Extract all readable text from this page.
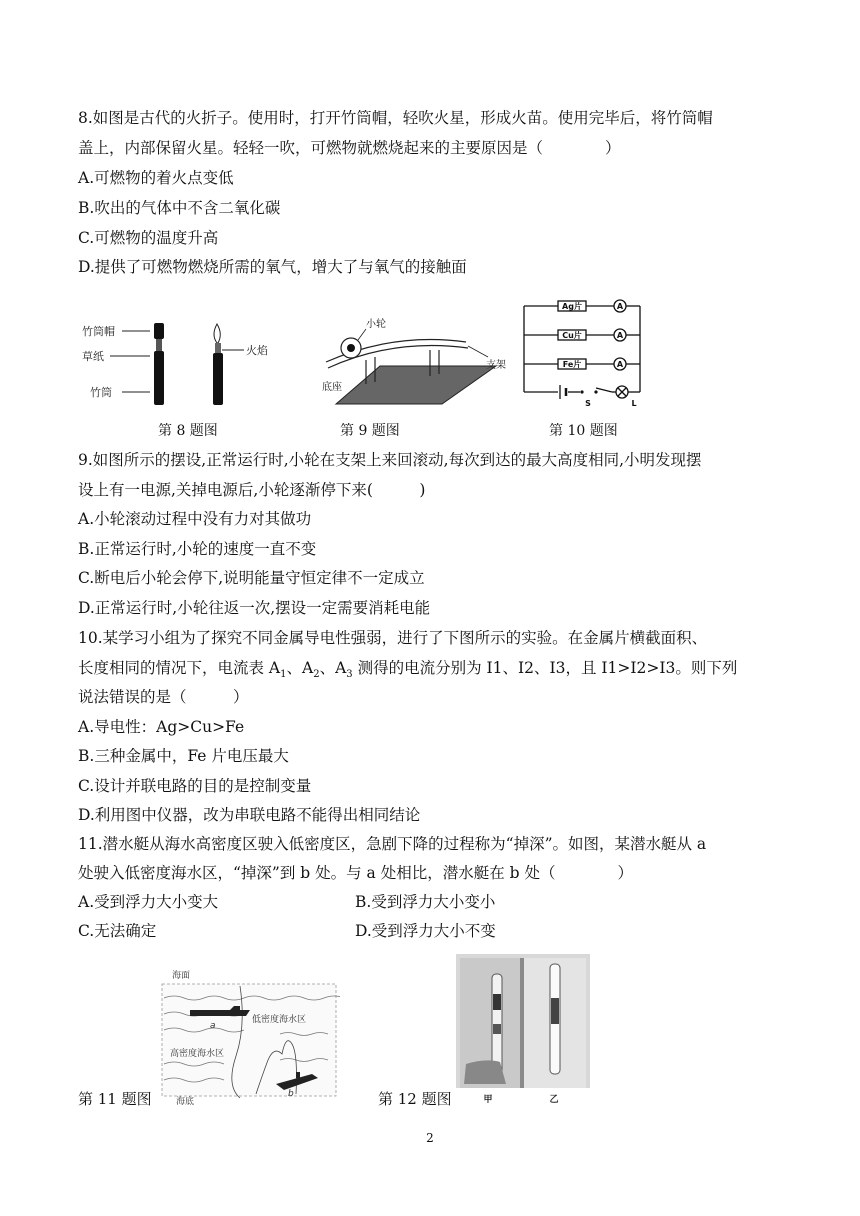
8.如图是古代的火折子。使用时，打开竹筒帽，轻吹火星，形成火苗。使用完毕后，将竹筒帽
盖上，内部保留火星。轻轻一吹，可燃物就燃烧起来的主要原因是（　　　　）
A.可燃物的着火点变低
B.吹出的气体中不含二氧化碳
C.可燃物的温度升高
D.提供了可燃物燃烧所需的氧气，增大了与氧气的接触面
竹筒帽
草纸
竹筒
火焰
第 8 题图
小轮
支架
底座
第 9 题图
Ag片
Cu片
Fe片
A
A
A
S	L
第 10 题图
9.如图所示的摆设,正常运行时,小轮在支架上来回滚动,每次到达的最大高度相同,小明发现摆
设上有一电源,关掉电源后,小轮逐渐停下来(　　　)
A.小轮滚动过程中没有力对其做功
B.正常运行时,小轮的速度一直不变
C.断电后小轮会停下,说明能量守恒定律不一定成立
D.正常运行时,小轮往返一次,摆设一定需要消耗电能
10.某学习小组为了探究不同金属导电性强弱，进行了下图所示的实验。在金属片横截面积、
长度相同的情况下，电流表 $A_1$、$A_2$、$A_3$ 测得的电流分别为 I1、I2、I3，且 I1>I2>I3。则下列
说法错误的是（　　　）
A.导电性：Ag>Cu>Fe
B.三种金属中，Fe 片电压最大
C.设计并联电路的目的是控制变量
D.利用图中仪器，改为串联电路不能得出相同结论
11.潜水艇从海水高密度区驶入低密度区，急剧下降的过程称为“掉深”。如图，某潜水艇从 a
处驶入低密度海水区，“掉深”到 b 处。与 a 处相比，潜水艇在 b 处（　　　　）
A.受到浮力大小变大	B.受到浮力大小变小
C.无法确定	D.受到浮力大小不变
海面
低密度海水区
高密度海水区
海底
a
b
第 11 题图	甲	乙
第 12 题图
2
